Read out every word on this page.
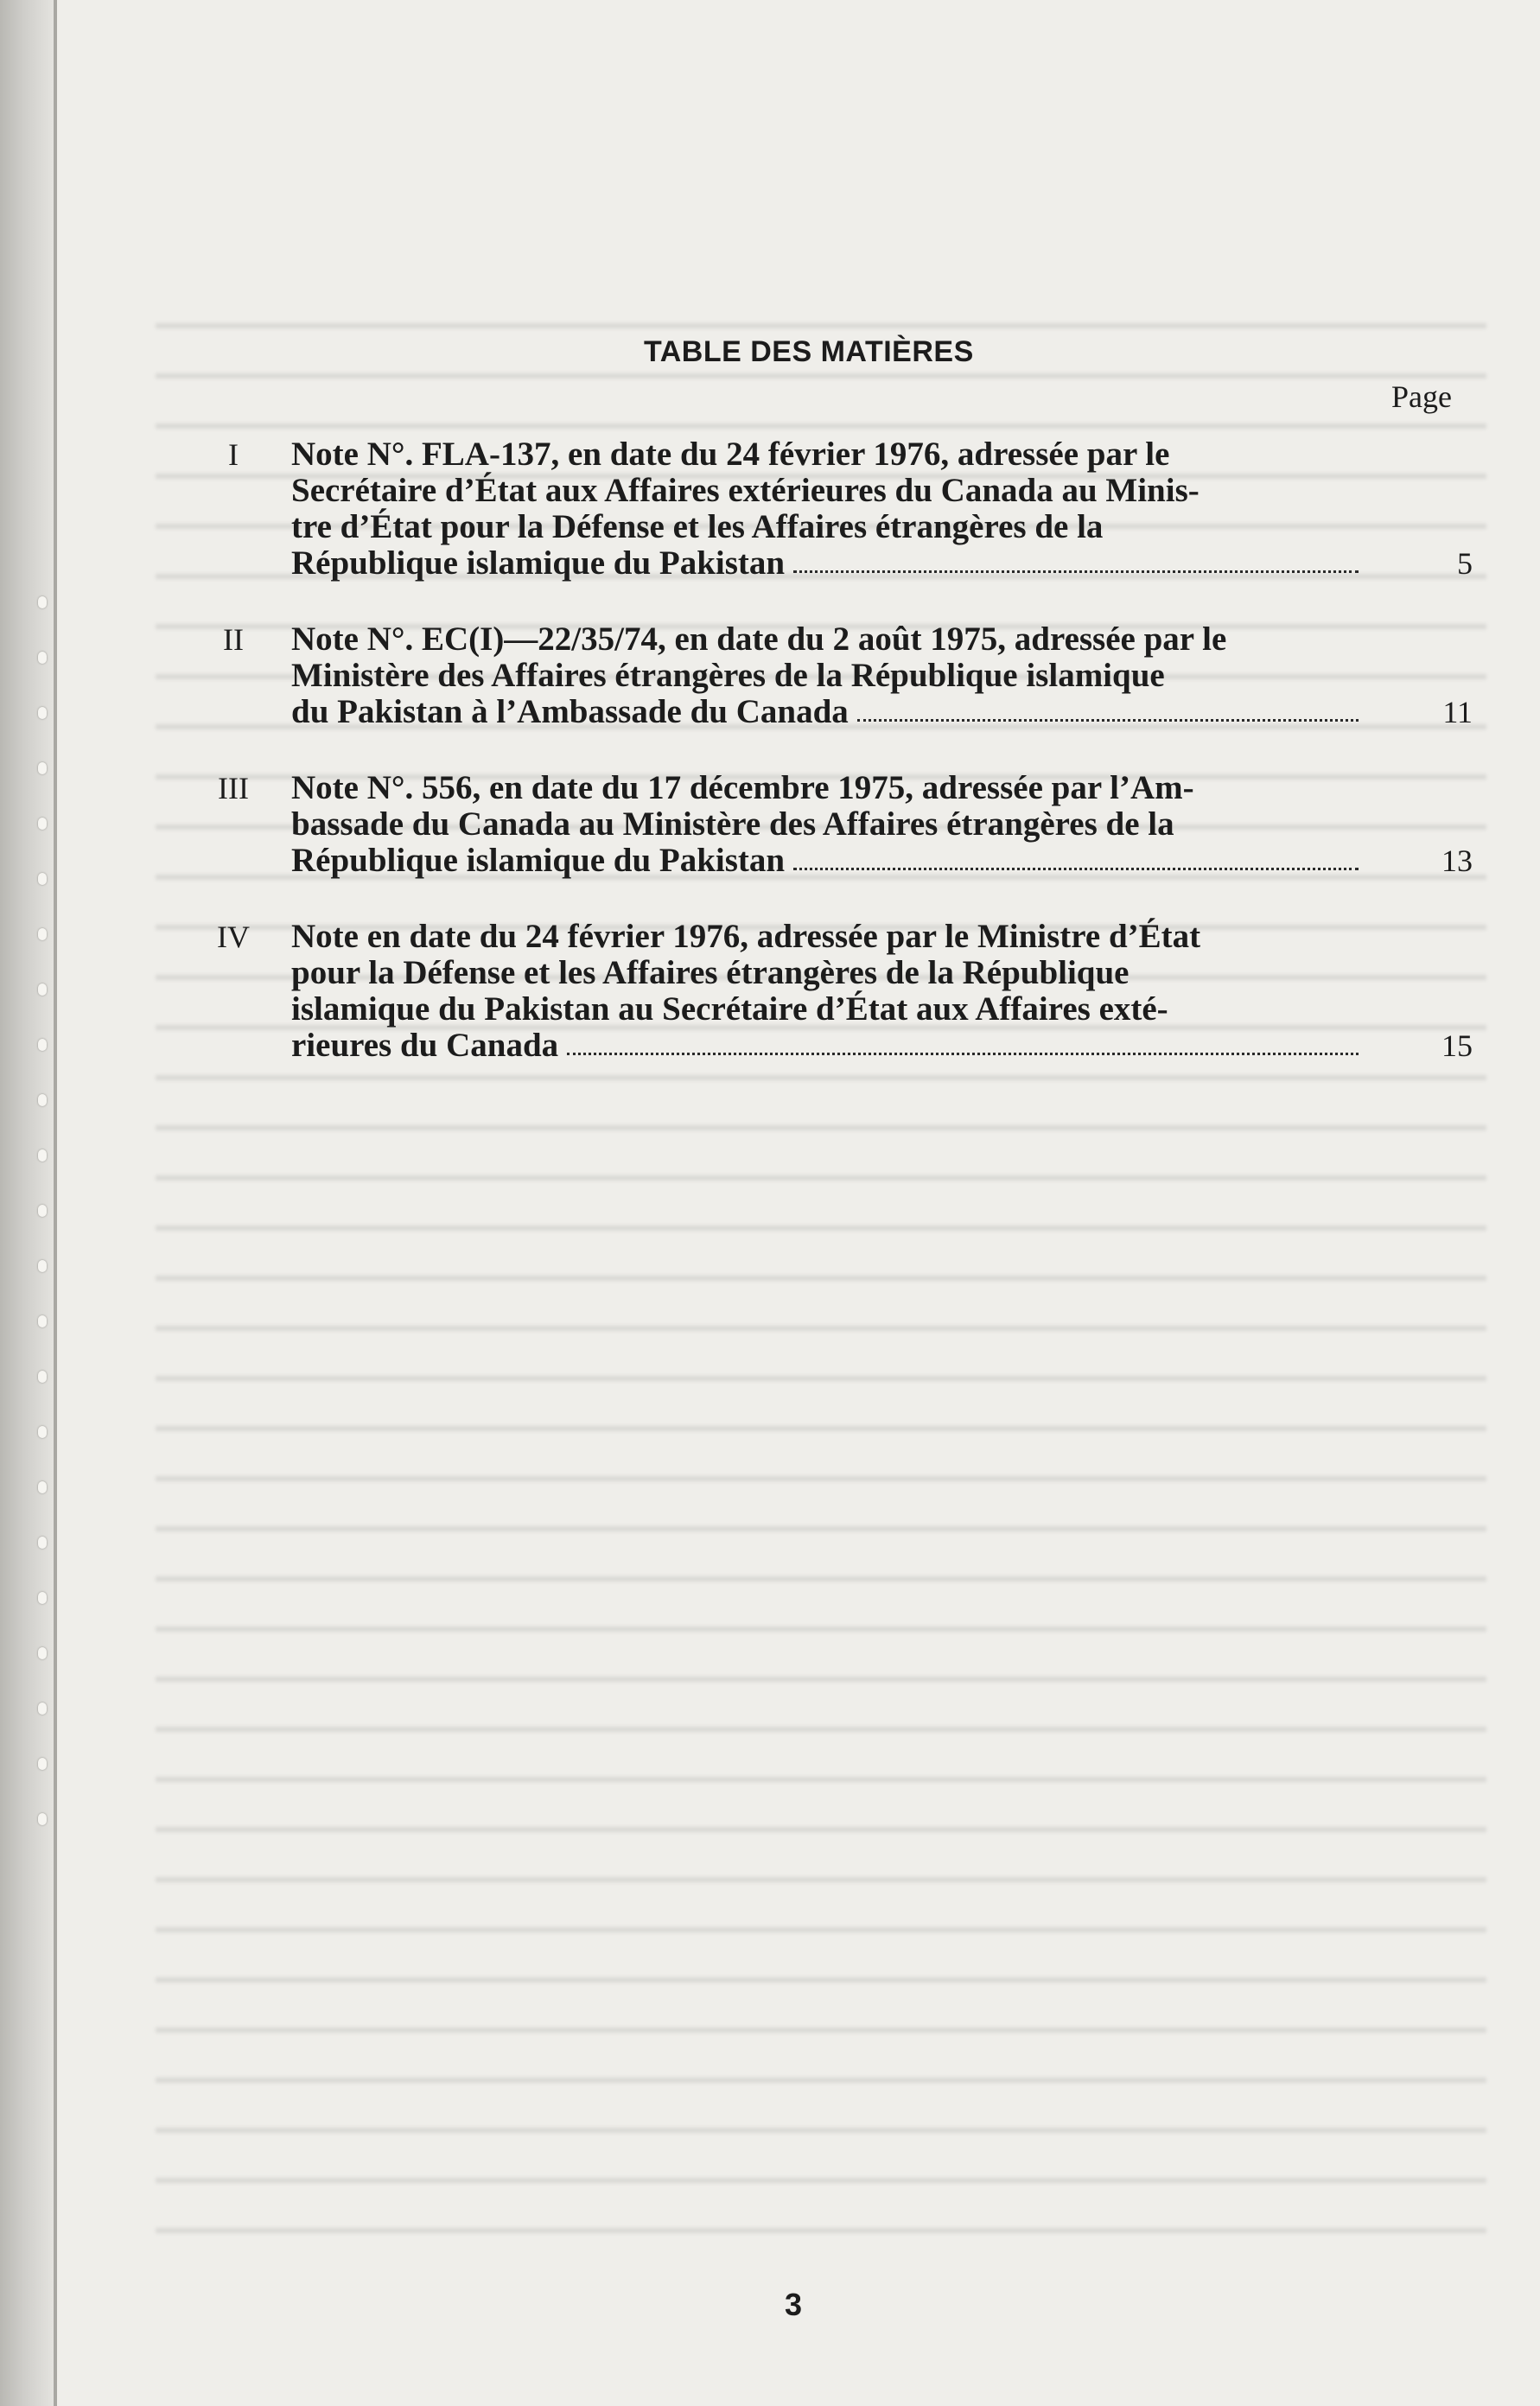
TABLE DES MATIÈRES
Page
I	Note N°. FLA-137, en date du 24 février 1976, adressée par le
Secrétaire d’État aux Affaires extérieures du Canada au Minis-
tre d’État pour la Défense et les Affaires étrangères de la
République islamique du Pakistan	5
II	Note N°. EC(I)—22/35/74, en date du 2 août 1975, adressée par le
Ministère des Affaires étrangères de la République islamique
du Pakistan à l’Ambassade du Canada	11
III	Note N°. 556, en date du 17 décembre 1975, adressée par l’Am-
bassade du Canada au Ministère des Affaires étrangères de la
République islamique du Pakistan	13
IV	Note en date du 24 février 1976, adressée par le Ministre d’État
pour la Défense et les Affaires étrangères de la République
islamique du Pakistan au Secrétaire d’État aux Affaires exté-
rieures du Canada	15
3
